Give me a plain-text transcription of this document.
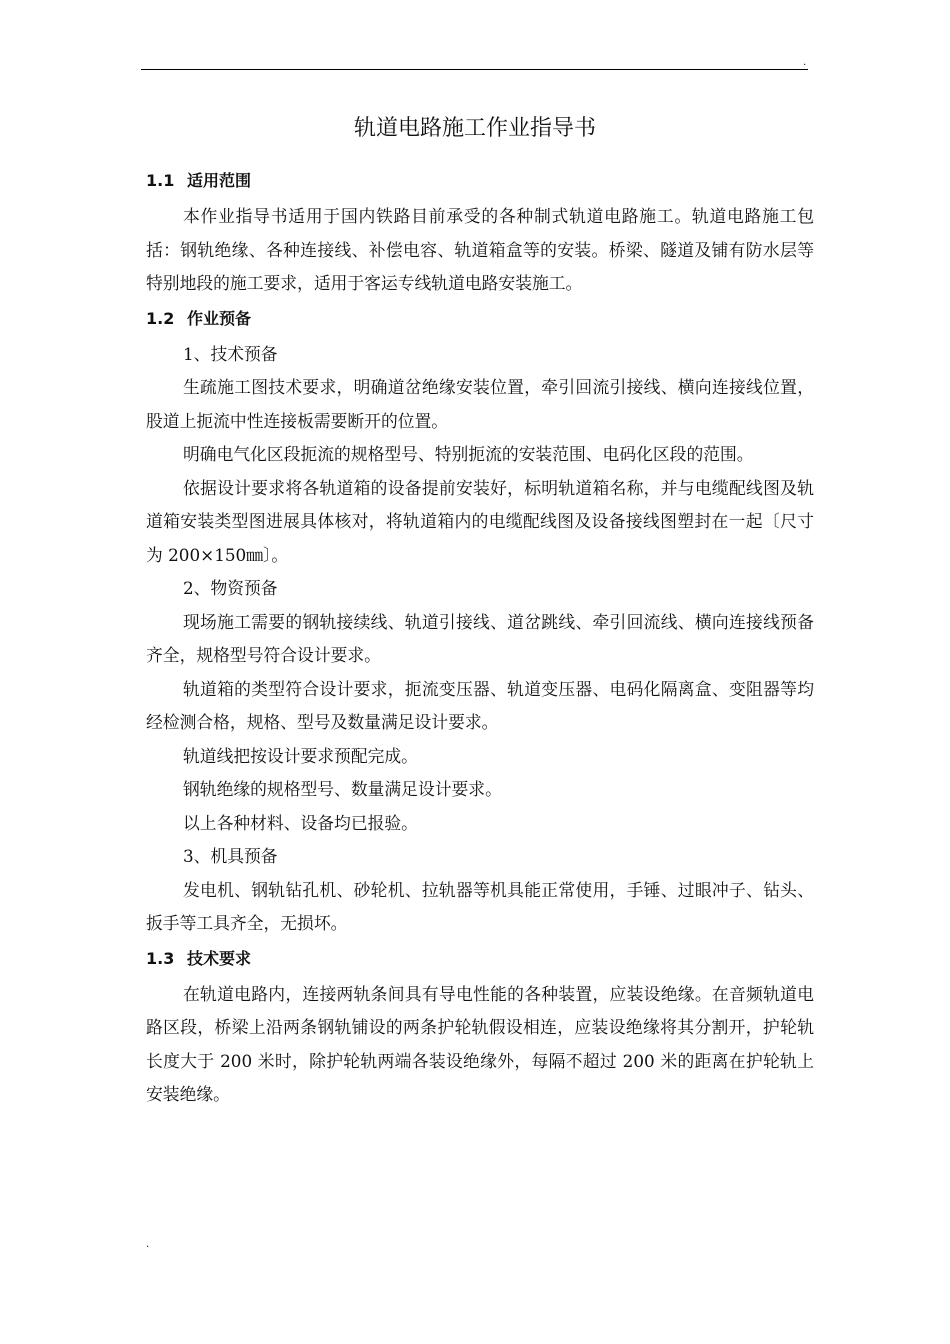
.
轨道电路施工作业指导书
1.1 适用范围
本作业指导书适用于国内铁路目前承受的各种制式轨道电路施工。轨道电路施工包括：钢轨绝缘、各种连接线、补偿电容、轨道箱盒等的安装。桥梁、隧道及铺有防水层等特别地段的施工要求，适用于客运专线轨道电路安装施工。
1.2 作业预备
1、技术预备
生疏施工图技术要求，明确道岔绝缘安装位置，牵引回流引接线、横向连接线位置，股道上扼流中性连接板需要断开的位置。
明确电气化区段扼流的规格型号、特别扼流的安装范围、电码化区段的范围。
依据设计要求将各轨道箱的设备提前安装好，标明轨道箱名称，并与电缆配线图及轨道箱安装类型图进展具体核对，将轨道箱内的电缆配线图及设备接线图塑封在一起〔尺寸为 200×150㎜〕。
2、物资预备
现场施工需要的钢轨接续线、轨道引接线、道岔跳线、牵引回流线、横向连接线预备齐全，规格型号符合设计要求。
轨道箱的类型符合设计要求，扼流变压器、轨道变压器、电码化隔离盒、变阻器等均经检测合格，规格、型号及数量满足设计要求。
轨道线把按设计要求预配完成。
钢轨绝缘的规格型号、数量满足设计要求。
以上各种材料、设备均已报验。
3、机具预备
发电机、钢轨钻孔机、砂轮机、拉轨器等机具能正常使用，手锤、过眼冲子、钻头、扳手等工具齐全，无损坏。
1.3 技术要求
在轨道电路内，连接两轨条间具有导电性能的各种装置，应装设绝缘。在音频轨道电路区段，桥梁上沿两条钢轨铺设的两条护轮轨假设相连，应装设绝缘将其分割开，护轮轨长度大于 200 米时，除护轮轨两端各装设绝缘外，每隔不超过 200 米的距离在护轮轨上安装绝缘。
.
